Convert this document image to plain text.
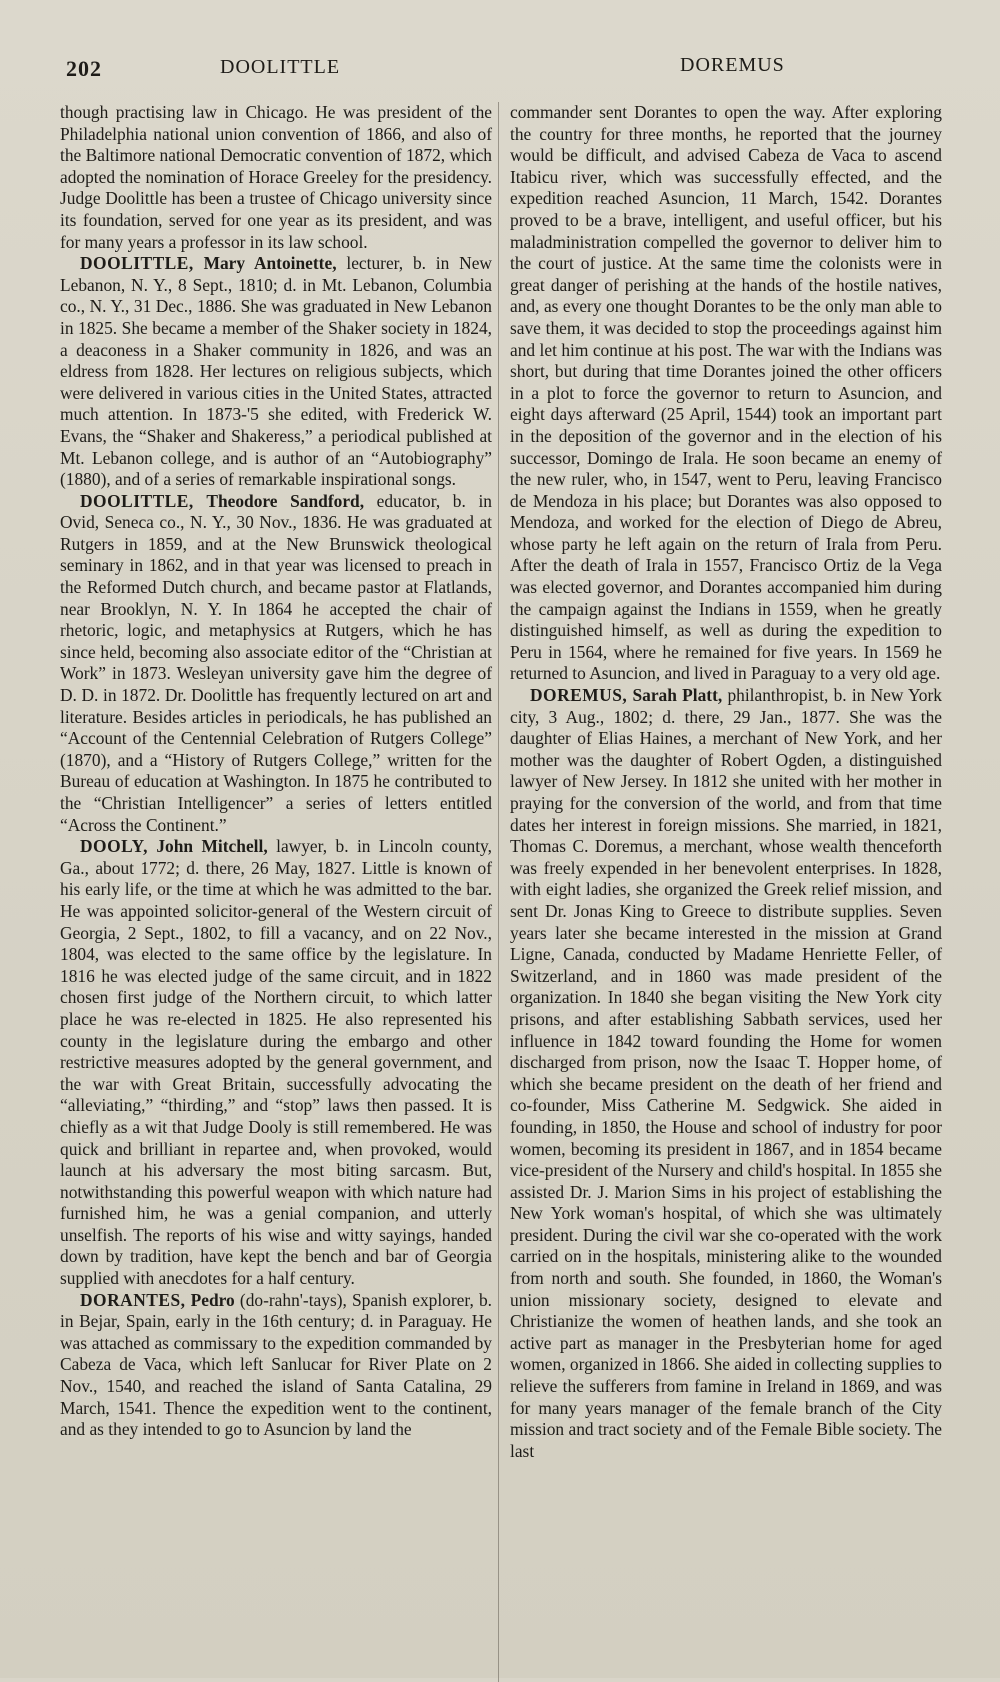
202	DOOLITTLE	DOREMUS

though practising law in Chicago. He was president of the Philadelphia national union convention of 1866, and also of the Baltimore national Democratic convention of 1872, which adopted the nomination of Horace Greeley for the presidency. Judge Doolittle has been a trustee of Chicago university since its foundation, served for one year as its president, and was for many years a professor in its law school.

DOOLITTLE, Mary Antoinette, lecturer, b. in New Lebanon, N. Y., 8 Sept., 1810; d. in Mt. Lebanon, Columbia co., N. Y., 31 Dec., 1886. She was graduated in New Lebanon in 1825. She became a member of the Shaker society in 1824, a deaconess in a Shaker community in 1826, and was an eldress from 1828. Her lectures on religious subjects, which were delivered in various cities in the United States, attracted much attention. In 1873-'5 she edited, with Frederick W. Evans, the “Shaker and Shakeress,” a periodical published at Mt. Lebanon college, and is author of an “Autobiography” (1880), and of a series of remarkable inspirational songs.

DOOLITTLE, Theodore Sandford, educator, b. in Ovid, Seneca co., N. Y., 30 Nov., 1836. He was graduated at Rutgers in 1859, and at the New Brunswick theological seminary in 1862, and in that year was licensed to preach in the Reformed Dutch church, and became pastor at Flatlands, near Brooklyn, N. Y. In 1864 he accepted the chair of rhetoric, logic, and metaphysics at Rutgers, which he has since held, becoming also associate editor of the “Christian at Work” in 1873. Wesleyan university gave him the degree of D. D. in 1872. Dr. Doolittle has frequently lectured on art and literature. Besides articles in periodicals, he has published an “Account of the Centennial Celebration of Rutgers College” (1870), and a “History of Rutgers College,” written for the Bureau of education at Washington. In 1875 he contributed to the “Christian Intelligencer” a series of letters entitled “Across the Continent.”

DOOLY, John Mitchell, lawyer, b. in Lincoln county, Ga., about 1772; d. there, 26 May, 1827. Little is known of his early life, or the time at which he was admitted to the bar. He was appointed solicitor-general of the Western circuit of Georgia, 2 Sept., 1802, to fill a vacancy, and on 22 Nov., 1804, was elected to the same office by the legislature. In 1816 he was elected judge of the same circuit, and in 1822 chosen first judge of the Northern circuit, to which latter place he was re-elected in 1825. He also represented his county in the legislature during the embargo and other restrictive measures adopted by the general government, and the war with Great Britain, successfully advocating the “alleviating,” “thirding,” and “stop” laws then passed. It is chiefly as a wit that Judge Dooly is still remembered. He was quick and brilliant in repartee and, when provoked, would launch at his adversary the most biting sarcasm. But, notwithstanding this powerful weapon with which nature had furnished him, he was a genial companion, and utterly unselfish. The reports of his wise and witty sayings, handed down by tradition, have kept the bench and bar of Georgia supplied with anecdotes for a half century.

DORANTES, Pedro (do-rahn'-tays), Spanish explorer, b. in Bejar, Spain, early in the 16th century; d. in Paraguay. He was attached as commissary to the expedition commanded by Cabeza de Vaca, which left Sanlucar for River Plate on 2 Nov., 1540, and reached the island of Santa Catalina, 29 March, 1541. Thence the expedition went to the continent, and as they intended to go to Asuncion by land the

commander sent Dorantes to open the way. After exploring the country for three months, he reported that the journey would be difficult, and advised Cabeza de Vaca to ascend Itabicu river, which was successfully effected, and the expedition reached Asuncion, 11 March, 1542. Dorantes proved to be a brave, intelligent, and useful officer, but his maladministration compelled the governor to deliver him to the court of justice. At the same time the colonists were in great danger of perishing at the hands of the hostile natives, and, as every one thought Dorantes to be the only man able to save them, it was decided to stop the proceedings against him and let him continue at his post. The war with the Indians was short, but during that time Dorantes joined the other officers in a plot to force the governor to return to Asuncion, and eight days afterward (25 April, 1544) took an important part in the deposition of the governor and in the election of his successor, Domingo de Irala. He soon became an enemy of the new ruler, who, in 1547, went to Peru, leaving Francisco de Mendoza in his place; but Dorantes was also opposed to Mendoza, and worked for the election of Diego de Abreu, whose party he left again on the return of Irala from Peru. After the death of Irala in 1557, Francisco Ortiz de la Vega was elected governor, and Dorantes accompanied him during the campaign against the Indians in 1559, when he greatly distinguished himself, as well as during the expedition to Peru in 1564, where he remained for five years. In 1569 he returned to Asuncion, and lived in Paraguay to a very old age.

DOREMUS, Sarah Platt, philanthropist, b. in New York city, 3 Aug., 1802; d. there, 29 Jan., 1877. She was the daughter of Elias Haines, a merchant of New York, and her mother was the daughter of Robert Ogden, a distinguished lawyer of New Jersey. In 1812 she united with her mother in praying for the conversion of the world, and from that time dates her interest in foreign missions. She married, in 1821, Thomas C. Doremus, a merchant, whose wealth thenceforth was freely expended in her benevolent enterprises. In 1828, with eight ladies, she organized the Greek relief mission, and sent Dr. Jonas King to Greece to distribute supplies. Seven years later she became interested in the mission at Grand Ligne, Canada, conducted by Madame Henriette Feller, of Switzerland, and in 1860 was made president of the organization. In 1840 she began visiting the New York city prisons, and after establishing Sabbath services, used her influence in 1842 toward founding the Home for women discharged from prison, now the Isaac T. Hopper home, of which she became president on the death of her friend and co-founder, Miss Catherine M. Sedgwick. She aided in founding, in 1850, the House and school of industry for poor women, becoming its president in 1867, and in 1854 became vice-president of the Nursery and child's hospital. In 1855 she assisted Dr. J. Marion Sims in his project of establishing the New York woman's hospital, of which she was ultimately president. During the civil war she co-operated with the work carried on in the hospitals, ministering alike to the wounded from north and south. She founded, in 1860, the Woman's union missionary society, designed to elevate and Christianize the women of heathen lands, and she took an active part as manager in the Presbyterian home for aged women, organized in 1866. She aided in collecting supplies to relieve the sufferers from famine in Ireland in 1869, and was for many years manager of the female branch of the City mission and tract society and of the Female Bible society. The last
